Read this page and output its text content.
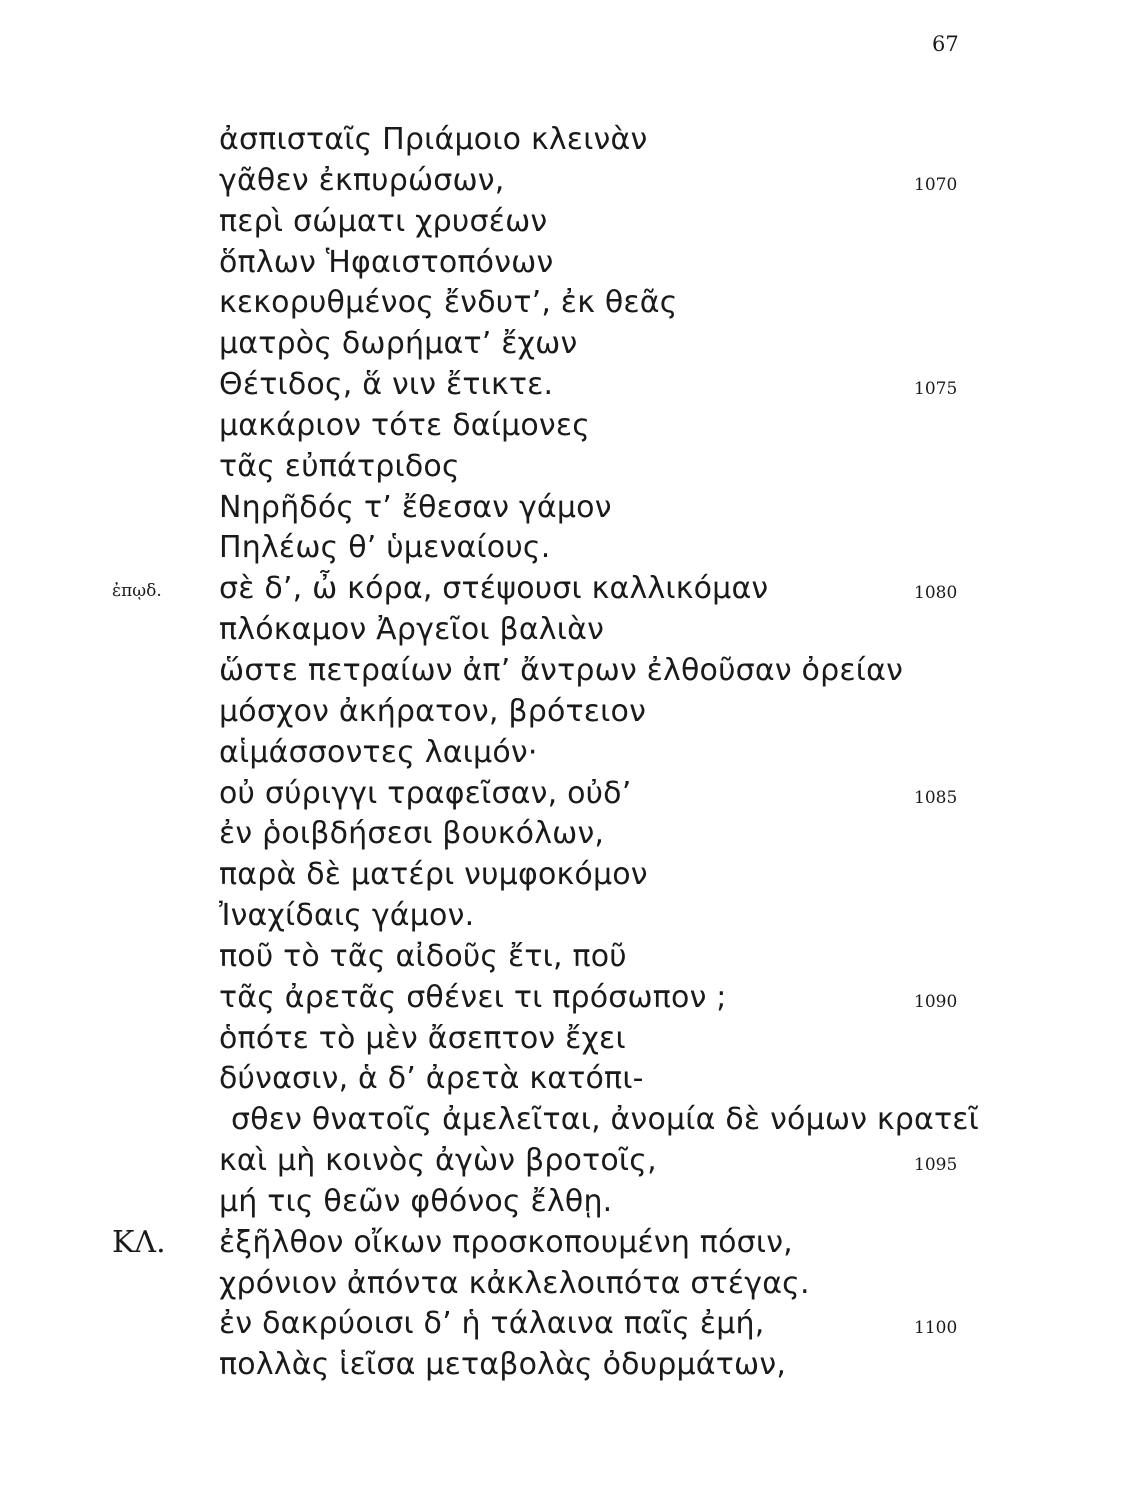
67
ἀσπισταῖς Πριάμοιο κλεινὰν
γᾶθεν ἐκπυρώσων,	1070
περὶ σώματι χρυσέων
ὅπλων Ἡφαιστοπόνων
κεκορυθμένος ἔνδυτ’, ἐκ θεᾶς
ματρὸς δωρήματ’ ἔχων
Θέτιδος, ἅ νιν ἔτικτε.	1075
μακάριον τότε δαίμονες
τᾶς εὐπάτριδος
Νηρῆδός τ’ ἔθεσαν γάμον
Πηλέως θ’ ὑμεναίους.
ἐπῳδ. σὲ δ’, ὦ κόρα, στέψουσι καλλικόμαν	1080
πλόκαμον Ἀργεῖοι βαλιὰν
ὥστε πετραίων ἀπ’ ἄντρων ἐλθοῦσαν ὀρείαν
μόσχον ἀκήρατον, βρότειον
αἱμάσσοντες λαιμόν·
οὐ σύριγγι τραφεῖσαν, οὐδ’	1085
ἐν ῥοιβδήσεσι βουκόλων,
παρὰ δὲ ματέρι νυμφοκόμον
Ἰναχίδαις γάμον.
ποῦ τὸ τᾶς αἰδοῦς ἔτι, ποῦ
τᾶς ἀρετᾶς σθένει τι πρόσωπον ;	1090
ὁπότε τὸ μὲν ἄσεπτον ἔχει
δύνασιν, ἁ δ’ ἀρετὰ κατόπι-
σθεν θνατοῖς ἀμελεῖται, ἀνομία δὲ νόμων κρατεῖ
καὶ μὴ κοινὸς ἀγὼν βροτοῖς,	1095
μή τις θεῶν φθόνος ἔλθῃ.
ΚΛ. ἐξῆλθον οἴκων προσκοπουμένη πόσιν,
χρόνιον ἀπόντα κἀκλελοιπότα στέγας.
ἐν δακρύοισι δ’ ἡ τάλαινα παῖς ἐμή,	1100
πολλὰς ἱεῖσα μεταβολὰς ὀδυρμάτων,
